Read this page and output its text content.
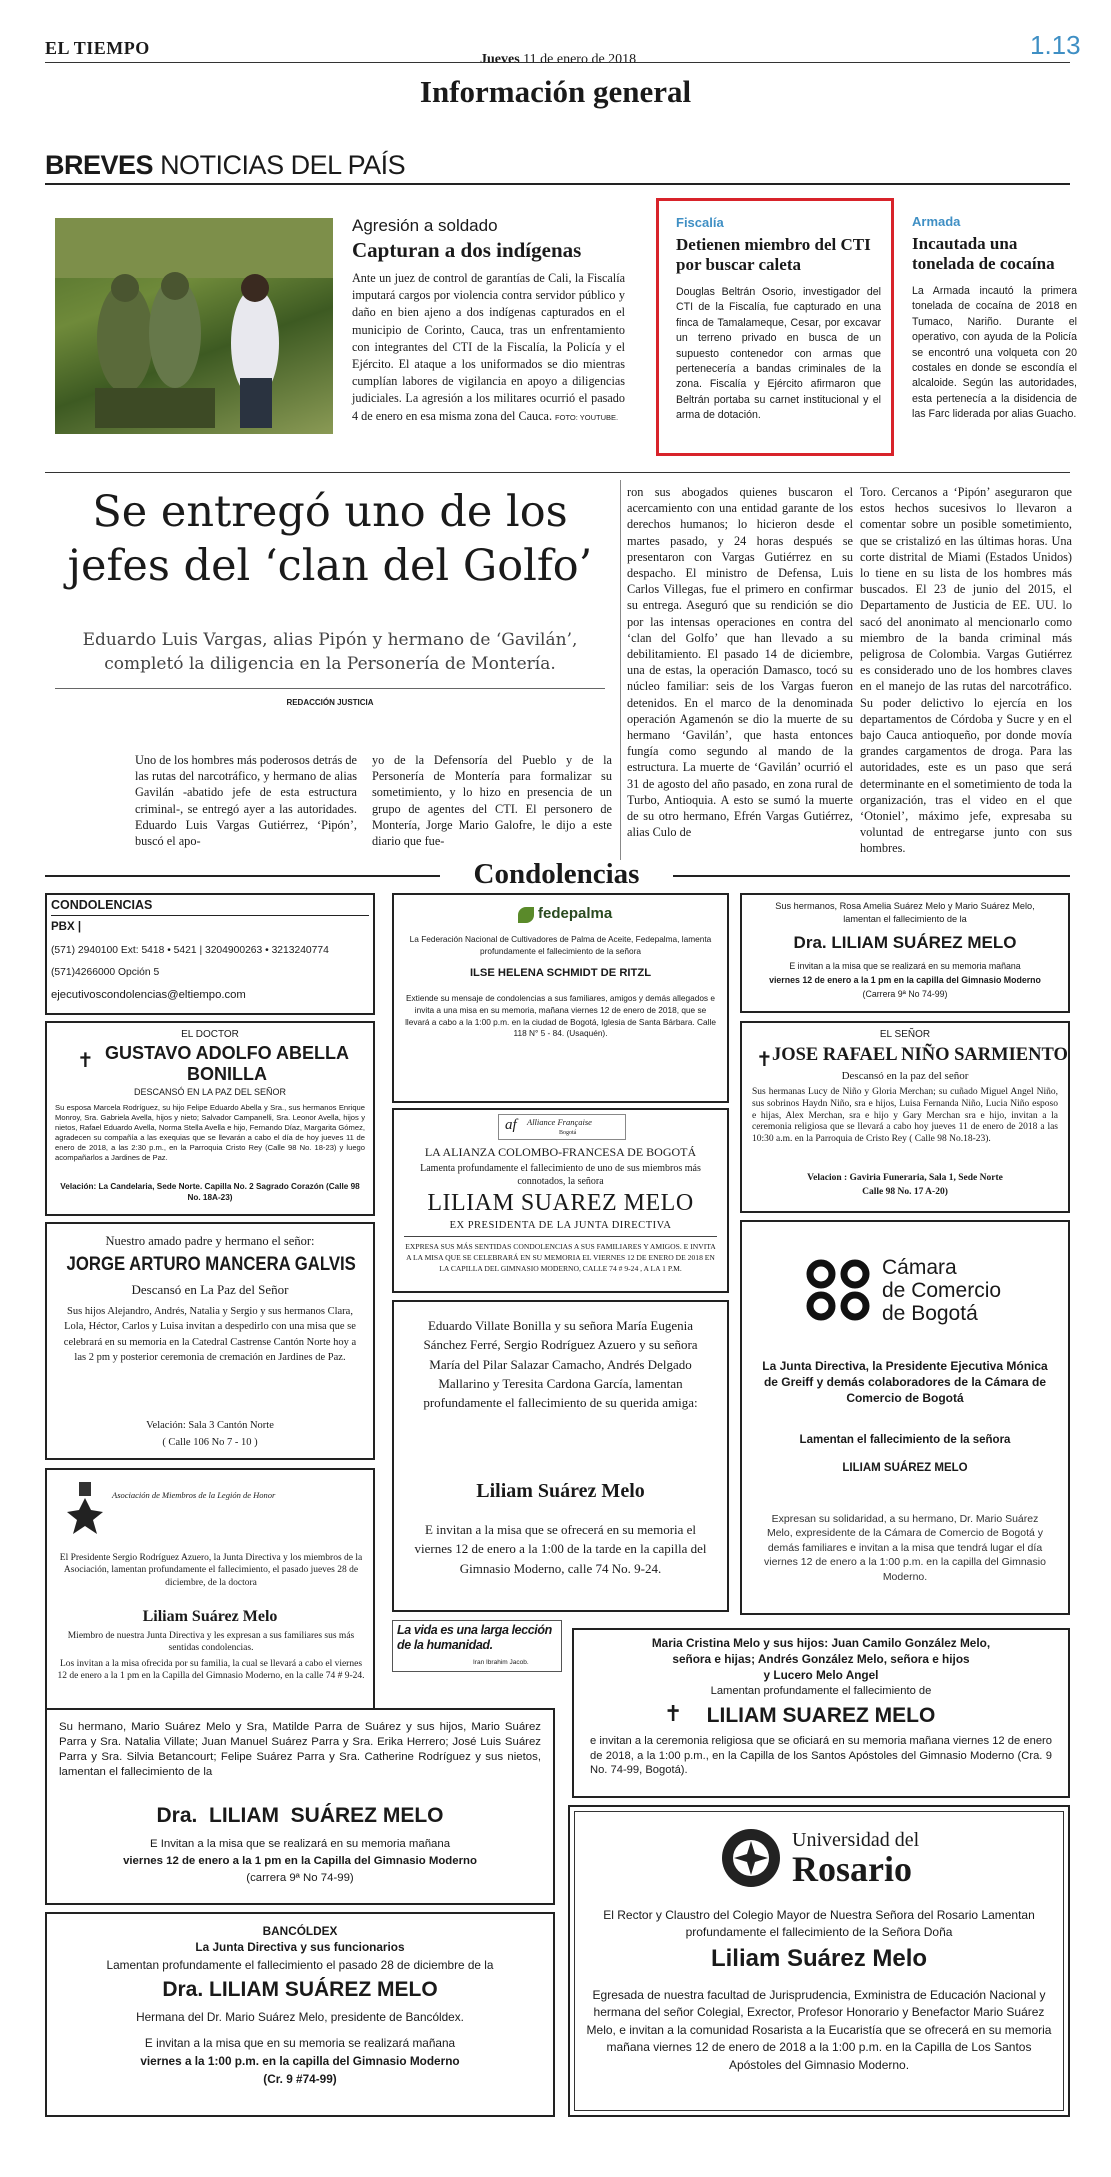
EL TIEMPO
Jueves 11 de enero de 2018	1.13
Información general
BREVES NOTICIAS DEL PAÍS
Agresión a soldado
Capturan a dos indígenas
Ante un juez de control de garantías de Cali, la Fiscalía imputará cargos por violencia contra servidor público y daño en bien ajeno a dos indígenas capturados en el municipio de Corinto, Cauca, tras un enfrentamiento con integrantes del CTI de la Fiscalía, la Policía y el Ejército. El ataque a los uniformados se dio mientras cumplían labores de vigilancia en apoyo a diligencias judiciales. La agresión a los militares ocurrió el pasado 4 de enero en esa misma zona del Cauca. FOTO: YOUTUBE.
Fiscalía
Detienen miembro del CTI por buscar caleta
Douglas Beltrán Osorio, investigador del CTI de la Fiscalía, fue capturado en una finca de Tamalameque, Cesar, por excavar un terreno privado en busca de un supuesto contenedor con armas que pertenecería a bandas criminales de la zona. Fiscalía y Ejército afirmaron que Beltrán portaba su carnet institucional y el arma de dotación.
Armada
Incautada una tonelada de cocaína
La Armada incautó la primera tonelada de cocaína de 2018 en Tumaco, Nariño. Durante el operativo, con ayuda de la Policía se encontró una volqueta con 20 costales en donde se escondía el alcaloide. Según las autoridades, esta pertenecía a la disidencia de las Farc liderada por alias Guacho.
Se entregó uno de los jefes del ‘clan del Golfo’
Eduardo Luis Vargas, alias Pipón y hermano de ‘Gavilán’, completó la diligencia en la Personería de Montería.
REDACCIÓN JUSTICIA
Uno de los hombres más poderosos detrás de las rutas del narcotráfico, y hermano de alias Gavilán -abatido jefe de esta estructura criminal-, se entregó ayer a las autoridades. Eduardo Luis Vargas Gutiérrez, ‘Pipón’, buscó el apo-
yo de la Defensoría del Pueblo y de la Personería de Montería para formalizar su sometimiento, y lo hizo en presencia de un grupo de agentes del CTI. El personero de Montería, Jorge Mario Galofre, le dijo a este diario que fue-
ron sus abogados quienes buscaron el acercamiento con una entidad garante de los derechos humanos; lo hicieron desde el martes pasado, y 24 horas después se presentaron con Vargas Gutiérrez en su despacho. El ministro de Defensa, Luis Carlos Villegas, fue el primero en confirmar su entrega. Aseguró que su rendición se dio por las intensas operaciones en contra del ‘clan del Golfo’ que han llevado a su debilitamiento. El pasado 14 de diciembre, una de estas, la operación Damasco, tocó su núcleo familiar: seis de los Vargas fueron detenidos. En el marco de la denominada operación Agamenón se dio la muerte de su hermano ‘Gavilán’, que hasta entonces fungía como segundo al mando de la estructura. La muerte de ‘Gavilán’ ocurrió el 31 de agosto del año pasado, en zona rural de Turbo, Antioquia. A esto se sumó la muerte de su otro hermano, Efrén Vargas Gutiérrez, alias Culo de
Toro. Cercanos a ‘Pipón’ aseguraron que estos hechos sucesivos lo llevaron a comentar sobre un posible sometimiento, que se cristalizó en las últimas horas. Una corte distrital de Miami (Estados Unidos) lo tiene en su lista de los hombres más buscados. El 23 de junio del 2015, el Departamento de Justicia de EE. UU. lo sacó del anonimato al mencionarlo como miembro de la banda criminal más peligrosa de Colombia. Vargas Gutiérrez es considerado uno de los hombres claves en el manejo de las rutas del narcotráfico. Su poder delictivo lo ejercía en los departamentos de Córdoba y Sucre y en el bajo Cauca antioqueño, por donde movía grandes cargamentos de droga. Para las autoridades, este es un paso que será determinante en el sometimiento de toda la organización, tras el video en el que ‘Otoniel’, máximo jefe, expresaba su voluntad de entregarse junto con sus hombres.
Condolencias
CONDOLENCIAS
PBX |
(571) 2940100 Ext: 5418 • 5421 | 3204900263 • 3213240774
(571)4266000 Opción 5
ejecutivoscondolencias@eltiempo.com
EL DOCTOR
✝ GUSTAVO ADOLFO ABELLA BONILLA
DESCANSÓ EN LA PAZ DEL SEÑOR
Su esposa Marcela Rodríguez, su hijo Felipe Eduardo Abella y Sra., sus hermanos Enrique Monroy, Sra. Gabriela Avella, hijos y nieto; Salvador Campanelli, Sra. Leonor Avella, hijos y nietos, Rafael Eduardo Avella, Norma Stella Avella e hijo, Fernando Díaz, Margarita Gómez, agradecen su compañía a las exequias que se llevarán a cabo el día de hoy jueves 11 de enero de 2018, a las 2:30 p.m., en la Parroquia Cristo Rey (Calle 98 No. 18-23) y luego acompañarlos a Jardines de Paz.
Velación: La Candelaria, Sede Norte. Capilla No. 2 Sagrado Corazón (Calle 98 No. 18A-23)
Nuestro amado padre y hermano el señor:
JORGE ARTURO MANCERA GALVIS
Descansó en La Paz del Señor
Sus hijos Alejandro, Andrés, Natalia y Sergio y sus hermanos Clara, Lola, Héctor, Carlos y Luisa invitan a despedirlo con una misa que se celebrará en su memoria en la Catedral Castrense Cantón Norte hoy a las 2 pm y posterior ceremonia de cremación en Jardines de Paz.
Velación: Sala 3 Cantón Norte
( Calle 106 No 7 - 10 )
Asociación de Miembros de la Legión de Honor
El Presidente Sergio Rodríguez Azuero, la Junta Directiva y los miembros de la Asociación, lamentan profundamente el fallecimiento, el pasado jueves 28 de diciembre, de la doctora
Liliam Suárez Melo
Miembro de nuestra Junta Directiva y les expresan a sus familiares sus más sentidas condolencias.
Los invitan a la misa ofrecida por su familia, la cual se llevará a cabo el viernes 12 de enero a la 1 pm en la Capilla del Gimnasio Moderno, en la calle 74 # 9-24.
fedepalma
La Federación Nacional de Cultivadores de Palma de Aceite, Fedepalma, lamenta profundamente el fallecimiento de la señora
ILSE HELENA SCHMIDT DE RITZL
Extiende su mensaje de condolencias a sus familiares, amigos y demás allegados e invita a una misa en su memoria, mañana viernes 12 de enero de 2018, que se llevará a cabo a la 1:00 p.m. en la ciudad de Bogotá, Iglesia de Santa Bárbara. Calle 118 N° 5 - 84. (Usaquén).
af Alliance Française
Bogotá
LA ALIANZA COLOMBO-FRANCESA DE BOGOTÁ
Lamenta profundamente el fallecimiento de uno de sus miembros más connotados, la señora
LILIAM SUAREZ MELO
EX PRESIDENTA DE LA JUNTA DIRECTIVA
EXPRESA SUS MÁS SENTIDAS CONDOLENCIAS A SUS FAMILIARES Y AMIGOS. E INVITA A LA MISA QUE SE CELEBRARÁ EN SU MEMORIA EL VIERNES 12 DE ENERO DE 2018 EN LA CAPILLA DEL GIMNASIO MODERNO, CALLE 74 # 9-24 , A LA 1 P.M.
Eduardo Villate Bonilla y su señora María Eugenia Sánchez Ferré, Sergio Rodríguez Azuero y su señora María del Pilar Salazar Camacho, Andrés Delgado Mallarino y Teresita Cardona García, lamentan profundamente el fallecimiento de su querida amiga:
Liliam Suárez Melo
E invitan a la misa que se ofrecerá en su memoria el viernes 12 de enero a la 1:00 de la tarde en la capilla del Gimnasio Moderno, calle 74 No. 9-24.
La vida es una larga lección de la humanidad.
Iran Ibrahim Jacob.
Sus hermanos, Rosa Amelia Suárez Melo y Mario Suárez Melo,
lamentan el fallecimiento de la
Dra. LILIAM SUÁREZ MELO
E invitan a la misa que se realizará en su memoria mañana
viernes 12 de enero a la 1 pm en la capilla del Gimnasio Moderno
(Carrera 9ª No 74-99)
EL SEÑOR
✝ JOSE RAFAEL NIÑO SARMIENTO
Descansó en la paz del señor
Sus hermanas Lucy de Niño y Gloria Merchan; su cuñado Miguel Angel Niño, sus sobrinos Haydn Niño, sra e hijos, Luisa Fernanda Niño, Lucia Niño esposo e hijas, Alex Merchan, sra e hijo y Gary Merchan sra e hijo, invitan a la ceremonia religiosa que se llevará a cabo hoy jueves 11 de enero de 2018 a las 10:30 a.m. en la Parroquia de Cristo Rey ( Calle 98 No.18-23).
Velacion : Gaviria Funeraria, Sala 1, Sede Norte
Calle 98 No. 17 A-20)
Cámara
de Comercio
de Bogotá
La Junta Directiva, la Presidente Ejecutiva Mónica de Greiff y demás colaboradores de la Cámara de Comercio de Bogotá
Lamentan el fallecimiento de la señora
LILIAM SUÁREZ MELO
Expresan su solidaridad, a su hermano, Dr. Mario Suárez Melo, expresidente de la Cámara de Comercio de Bogotá y demás familiares e invitan a la misa que tendrá lugar el día viernes 12 de enero a la 1:00 p.m. en la capilla del Gimnasio Moderno.
Maria Cristina Melo y sus hijos: Juan Camilo González Melo,
señora e hijas; Andrés González Melo, señora e hijos
y Lucero Melo Angel
Lamentan profundamente el fallecimiento de
✝	LILIAM SUAREZ MELO
e invitan a la ceremonia religiosa que se oficiará en su memoria mañana viernes 12 de enero de 2018, a la 1:00 p.m., en la Capilla de los Santos Apóstoles del Gimnasio Moderno (Cra. 9 No. 74-99, Bogotá).
Su hermano, Mario Suárez Melo y Sra, Matilde Parra de Suárez y sus hijos, Mario Suárez Parra y Sra. Natalia Villate; Juan Manuel Suárez Parra y Sra. Erika Herrero; José Luis Suárez Parra y Sra. Silvia Betancourt; Felipe Suárez Parra y Sra. Catherine Rodríguez y sus nietos, lamentan el fallecimiento de la
Dra.  LILIAM  SUÁREZ MELO
E Invitan a la misa que se realizará en su memoria mañana
viernes 12 de enero a la 1 pm en la Capilla del Gimnasio Moderno
(carrera 9ª No 74-99)
BANCÓLDEX
La Junta Directiva y sus funcionarios
Lamentan profundamente el fallecimiento el pasado 28 de diciembre de la
Dra. LILIAM SUÁREZ MELO
Hermana del Dr. Mario Suárez Melo, presidente de Bancóldex.
E invitan a la misa que en su memoria se realizará mañana
viernes a la 1:00 p.m. en la capilla del Gimnasio Moderno
(Cr. 9 #74-99)
Universidad del
Rosario
El Rector y Claustro del Colegio Mayor de Nuestra Señora del Rosario Lamentan profundamente el fallecimiento de la Señora Doña
Liliam Suárez Melo
Egresada de nuestra facultad de Jurisprudencia, Exministra de Educación Nacional y hermana del señor Colegial, Exrector, Profesor Honorario y Benefactor Mario Suárez Melo, e invitan a la comunidad Rosarista a la Eucaristía que se ofrecerá en su memoria mañana viernes 12 de enero de 2018 a la 1:00 p.m. en la Capilla de Los Santos Apóstoles del Gimnasio Moderno.
